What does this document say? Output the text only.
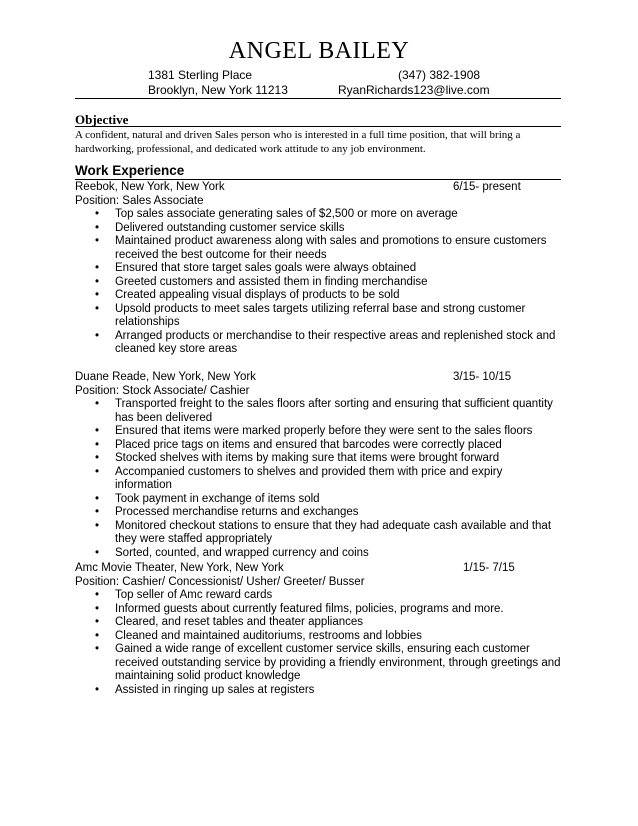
ANGEL BAILEY
1381 Sterling Place	(347) 382-1908
Brooklyn, New York 11213	RyanRichards123@live.com
Objective
A confident, natural and driven Sales person who is interested in a full time position, that will bring a
hardworking, professional, and dedicated work attitude to any job environment.
Work Experience
Reebok, New York, New York	6/15- present
Position: Sales Associate
• Top sales associate generating sales of $2,500 or more on average
• Delivered outstanding customer service skills
• Maintained product awareness along with sales and promotions to ensure customers
received the best outcome for their needs
• Ensured that store target sales goals were always obtained
• Greeted customers and assisted them in finding merchandise
• Created appealing visual displays of products to be sold
• Upsold products to meet sales targets utilizing referral base and strong customer
relationships
• Arranged products or merchandise to their respective areas and replenished stock and
cleaned key store areas
Duane Reade, New York, New York	3/15- 10/15
Position: Stock Associate/ Cashier
• Transported freight to the sales floors after sorting and ensuring that sufficient quantity
has been delivered
• Ensured that items were marked properly before they were sent to the sales floors
• Placed price tags on items and ensured that barcodes were correctly placed
• Stocked shelves with items by making sure that items were brought forward
• Accompanied customers to shelves and provided them with price and expiry information
• Took payment in exchange of items sold
• Processed merchandise returns and exchanges
• Monitored checkout stations to ensure that they had adequate cash available and that
they were staffed appropriately
• Sorted, counted, and wrapped currency and coins
Amc Movie Theater, New York, New York	1/15- 7/15
Position: Cashier/ Concessionist/ Usher/ Greeter/ Busser
• Top seller of Amc reward cards
• Informed guests about currently featured films, policies, programs and more.
• Cleared, and reset tables and theater appliances
• Cleaned and maintained auditoriums, restrooms and lobbies
• Gained a wide range of excellent customer service skills, ensuring each customer
received outstanding service by providing a friendly environment, through greetings and
maintaining solid product knowledge
• Assisted in ringing up sales at registers
